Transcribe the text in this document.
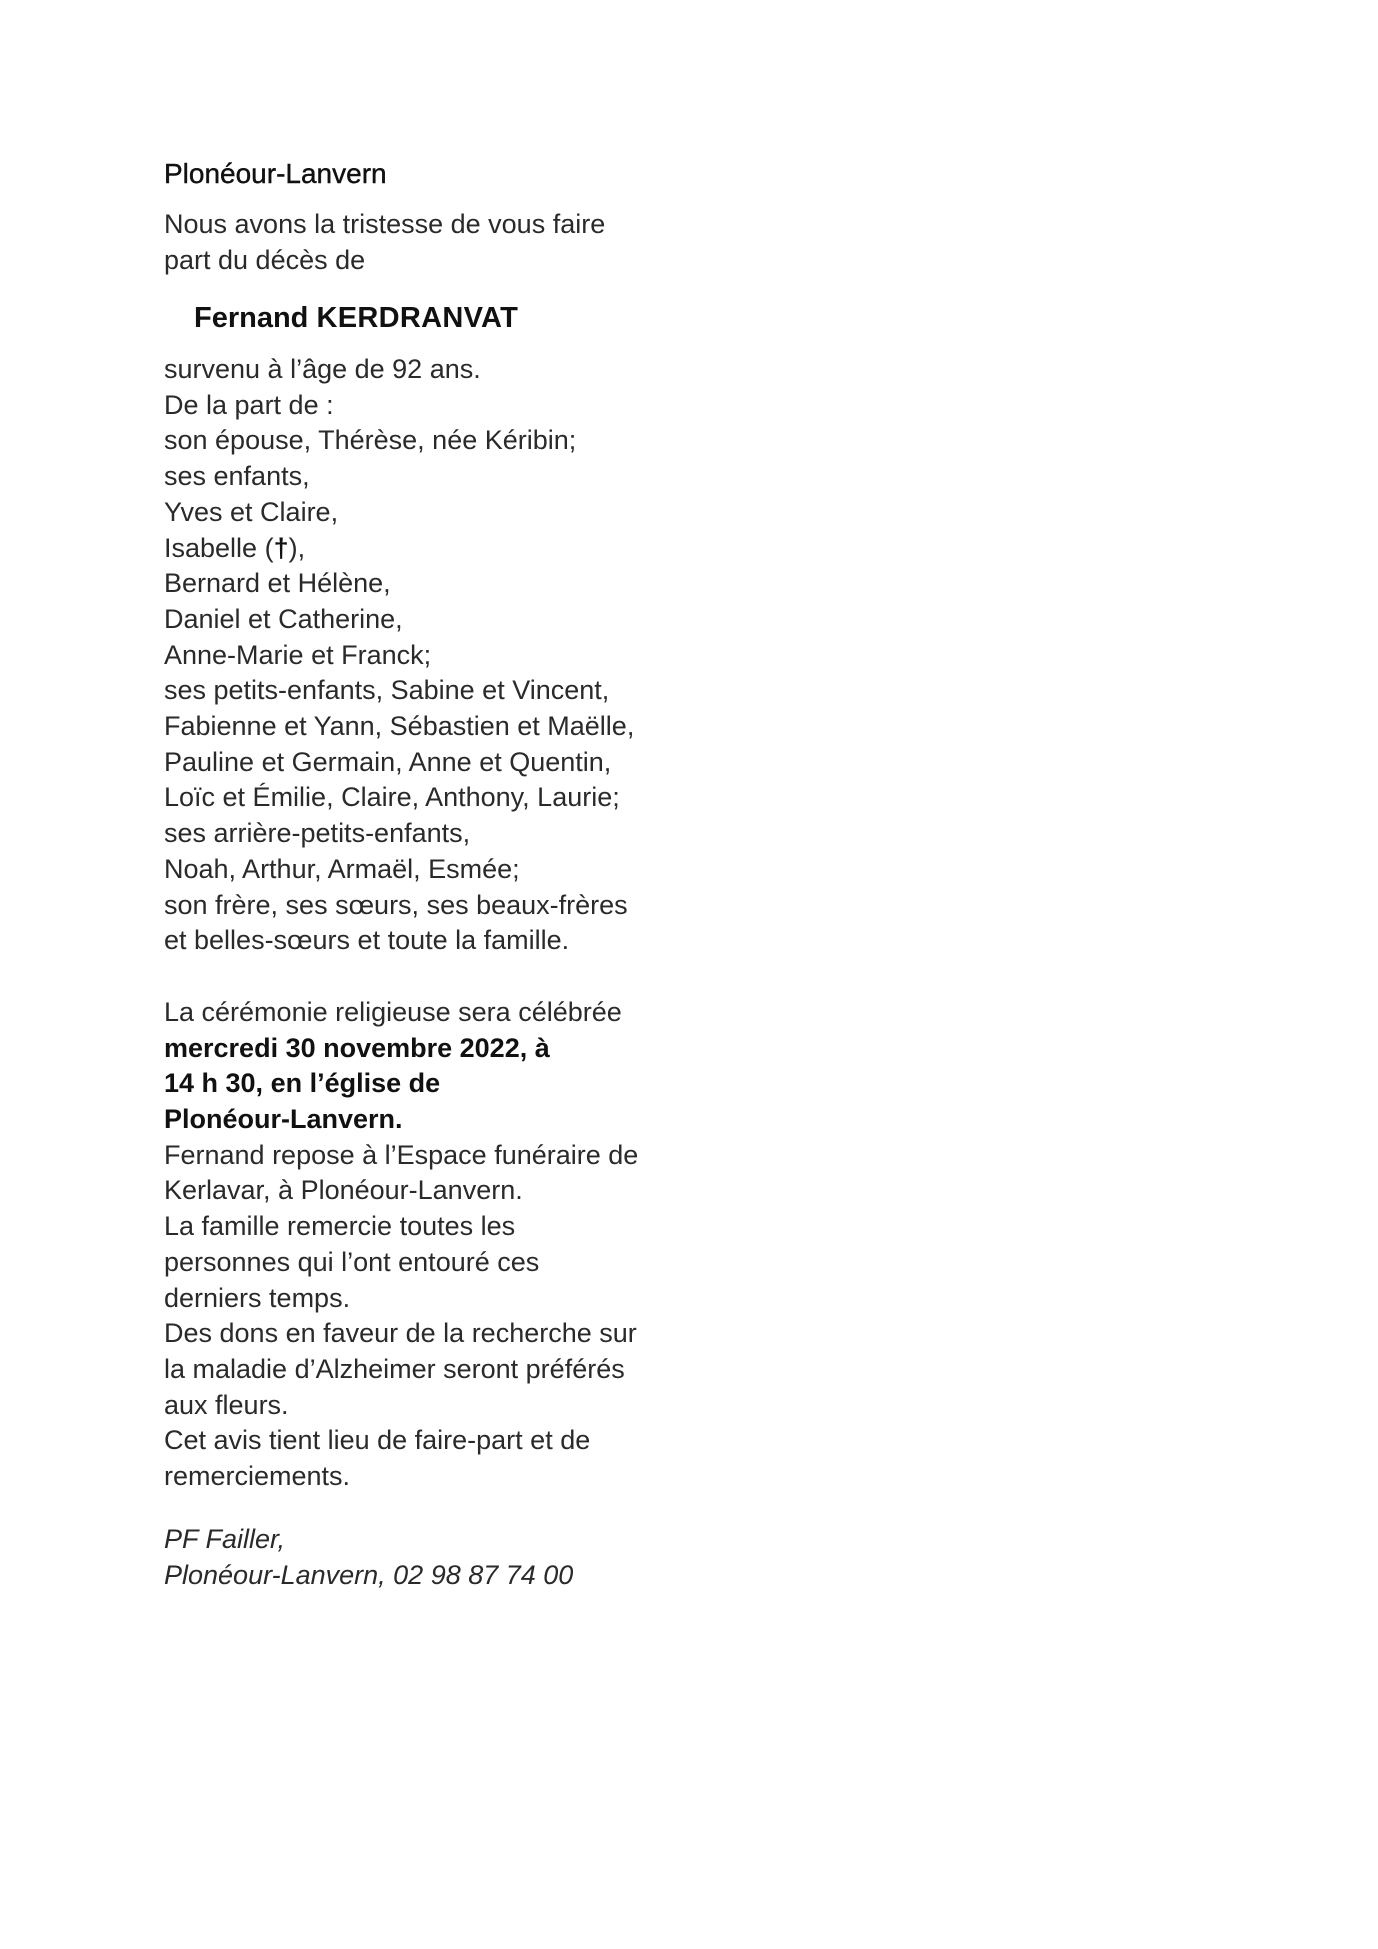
Plonéour-Lanvern
Nous avons la tristesse de vous faire
part du décès de
Fernand KERDRANVAT
survenu à l’âge de 92 ans.
De la part de :
son épouse, Thérèse, née Kéribin;
ses enfants,
Yves et Claire,
Isabelle (†),
Bernard et Hélène,
Daniel et Catherine,
Anne-Marie et Franck;
ses petits-enfants, Sabine et Vincent,
Fabienne et Yann, Sébastien et Maëlle,
Pauline et Germain, Anne et Quentin,
Loïc et Émilie, Claire, Anthony, Laurie;
ses arrière-petits-enfants,
Noah, Arthur, Armaël, Esmée;
son frère, ses sœurs, ses beaux-frères
et belles-sœurs et toute la famille.
La cérémonie religieuse sera célébrée
mercredi 30 novembre 2022, à
14 h 30, en l’église de
Plonéour-Lanvern.
Fernand repose à l’Espace funéraire de
Kerlavar, à Plonéour-Lanvern.
La famille remercie toutes les
personnes qui l’ont entouré ces
derniers temps.
Des dons en faveur de la recherche sur
la maladie d’Alzheimer seront préférés
aux fleurs.
Cet avis tient lieu de faire-part et de
remerciements.
PF Failler,
Plonéour-Lanvern, 02 98 87 74 00
